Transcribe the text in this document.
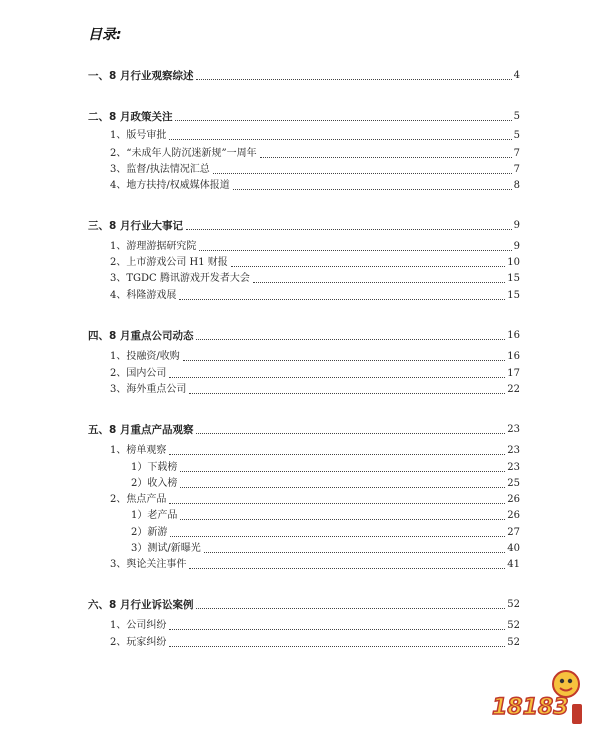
目录:
一、8 月行业观察综述	4
二、8 月政策关注	5
1、版号审批	5
2、“未成年人防沉迷新规”一周年	7
3、监督/执法情况汇总	7
4、地方扶持/权威媒体报道	8
三、8 月行业大事记	9
1、游理游据研究院	9
2、上市游戏公司 H1 财报	10
3、TGDC 腾讯游戏开发者大会	15
4、科隆游戏展	15
四、8 月重点公司动态	16
1、投融资/收购	16
2、国内公司	17
3、海外重点公司	22
五、8 月重点产品观察	23
1、榜单观察	23
1）下载榜	23
2）收入榜	25
2、焦点产品	26
1）老产品	26
2）新游	27
3）测试/新曝光	40
3、舆论关注事件	41
六、8 月行业诉讼案例	52
1、公司纠纷	52
2、玩家纠纷	52
18183
